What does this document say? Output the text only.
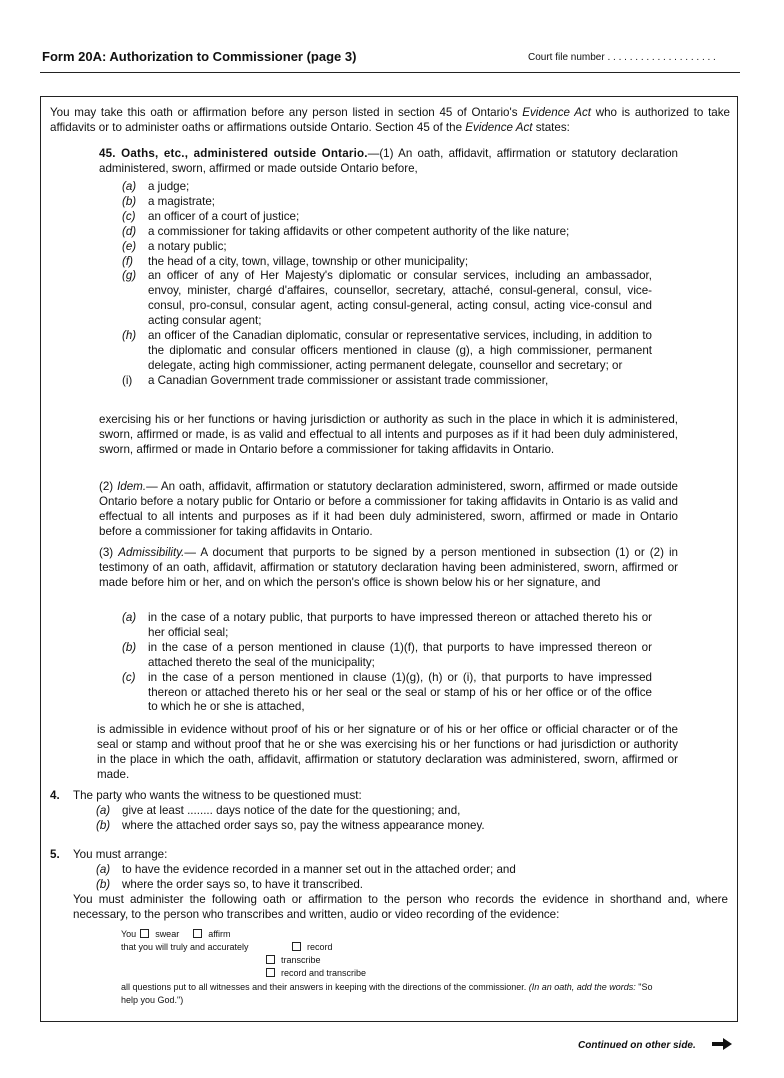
Form 20A: Authorization to Commissioner (page 3)	Court file number . . . . . . . . . . . . . . . . . . . .

You may take this oath or affirmation before any person listed in section 45 of Ontario's Evidence Act who is authorized to take affidavits or to administer oaths or affirmations outside Ontario. Section 45 of the Evidence Act states:

45. Oaths, etc., administered outside Ontario.—(1) An oath, affidavit, affirmation or statutory declaration administered, sworn, affirmed or made outside Ontario before,

(a) a judge;
(b) a magistrate;
(c) an officer of a court of justice;
(d) a commissioner for taking affidavits or other competent authority of the like nature;
(e) a notary public;
(f) the head of a city, town, village, township or other municipality;
(g) an officer of any of Her Majesty's diplomatic or consular services, including an ambassador, envoy, minister, chargé d'affaires, counsellor, secretary, attaché, consul-general, consul, vice-consul, pro-consul, consular agent, acting consul-general, acting consul, acting vice-consul and acting consular agent;
(h) an officer of the Canadian diplomatic, consular or representative services, including, in addition to the diplomatic and consular officers mentioned in clause (g), a high commissioner, permanent delegate, acting high commissioner, acting permanent delegate, counsellor and secretary; or
(i) a Canadian Government trade commissioner or assistant trade commissioner,

exercising his or her functions or having jurisdiction or authority as such in the place in which it is administered, sworn, affirmed or made, is as valid and effectual to all intents and purposes as if it had been duly administered, sworn, affirmed or made in Ontario before a commissioner for taking affidavits in Ontario.

(2) Idem.— An oath, affidavit, affirmation or statutory declaration administered, sworn, affirmed or made outside Ontario before a notary public for Ontario or before a commissioner for taking affidavits in Ontario is as valid and effectual to all intents and purposes as if it had been duly administered, sworn, affirmed or made in Ontario before a commissioner for taking affidavits in Ontario.

(3) Admissibility.— A document that purports to be signed by a person mentioned in subsection (1) or (2) in testimony of an oath, affidavit, affirmation or statutory declaration having been administered, sworn, affirmed or made before him or her, and on which the person's office is shown below his or her signature, and

(a) in the case of a notary public, that purports to have impressed thereon or attached thereto his or her official seal;
(b) in the case of a person mentioned in clause (1)(f), that purports to have impressed thereon or attached thereto the seal of the municipality;
(c) in the case of a person mentioned in clause (1)(g), (h) or (i), that purports to have impressed thereon or attached thereto his or her seal or the seal or stamp of his or her office or of the office to which he or she is attached,

is admissible in evidence without proof of his or her signature or of his or her office or official character or of the seal or stamp and without proof that he or she was exercising his or her functions or had jurisdiction or authority in the place in which the oath, affidavit, affirmation or statutory declaration was administered, sworn, affirmed or made.

4. The party who wants the witness to be questioned must:

(a) give at least ........ days notice of the date for the questioning; and,
(b) where the attached order says so, pay the witness appearance money.
5. You must arrange:

(a) to have the evidence recorded in a manner set out in the attached order; and
(b) where the order says so, to have it transcribed.

You must administer the following oath or affirmation to the person who records the evidence in shorthand and, where necessary, to the person who transcribes and written, audio or video recording of the evidence:

You swear	affirm
that you will truly and accurately	record
transcribe
record and transcribe
all questions put to all witnesses and their answers in keeping with the directions of the commissioner. (In an oath, add the words: "So help you God.")
Continued on other side.
